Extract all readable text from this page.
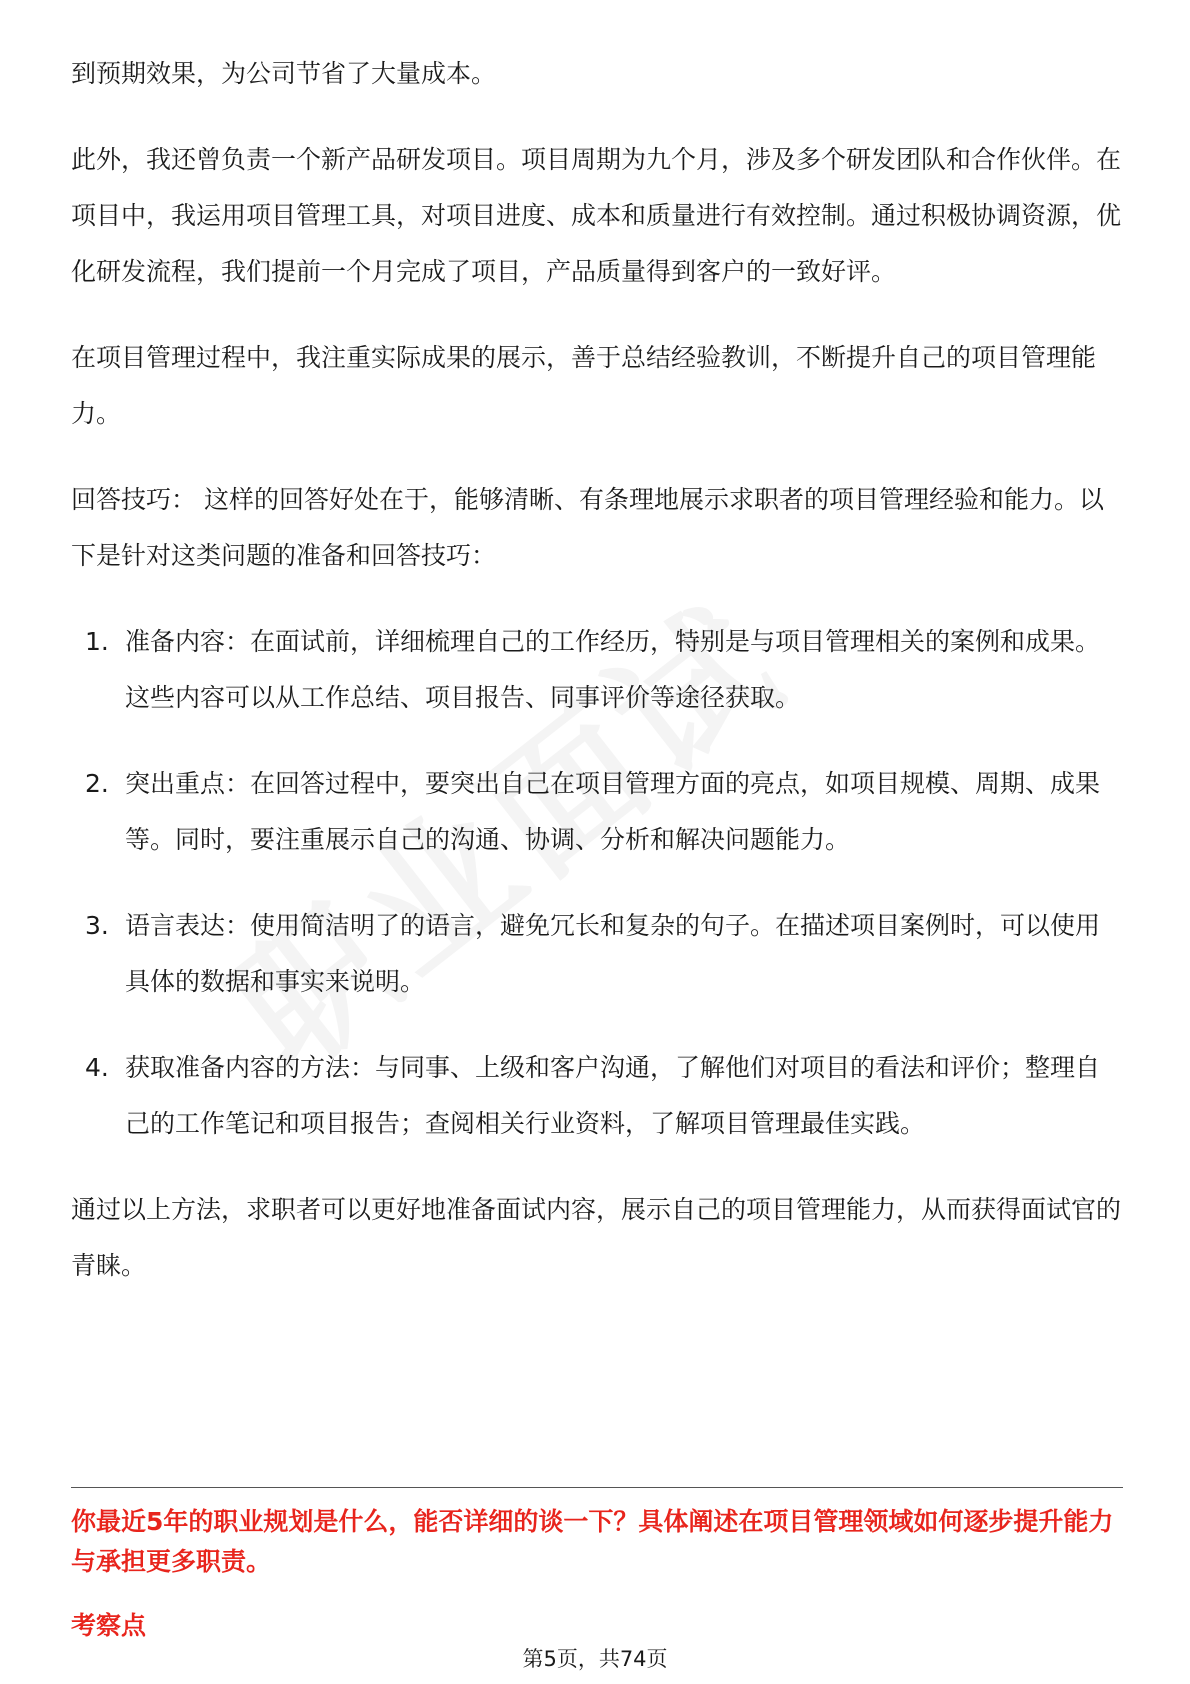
到预期效果，为公司节省了大量成本。

此外，我还曾负责一个新产品研发项目。项目周期为九个月，涉及多个研发团队和合作伙伴。在项目中，我运用项目管理工具，对项目进度、成本和质量进行有效控制。通过积极协调资源，优化研发流程，我们提前一个月完成了项目，产品质量得到客户的一致好评。

在项目管理过程中，我注重实际成果的展示，善于总结经验教训，不断提升自己的项目管理能力。

回答技巧： 这样的回答好处在于，能够清晰、有条理地展示求职者的项目管理经验和能力。以下是针对这类问题的准备和回答技巧：

1. 准备内容：在面试前，详细梳理自己的工作经历，特别是与项目管理相关的案例和成果。这些内容可以从工作总结、项目报告、同事评价等途径获取。
2. 突出重点：在回答过程中，要突出自己在项目管理方面的亮点，如项目规模、周期、成果等。同时，要注重展示自己的沟通、协调、分析和解决问题能力。
3. 语言表达：使用简洁明了的语言，避免冗长和复杂的句子。在描述项目案例时，可以使用具体的数据和事实来说明。
4. 获取准备内容的方法：与同事、上级和客户沟通，了解他们对项目的看法和评价；整理自己的工作笔记和项目报告；查阅相关行业资料，了解项目管理最佳实践。

通过以上方法，求职者可以更好地准备面试内容，展示自己的项目管理能力，从而获得面试官的青睐。

你最近5年的职业规划是什么，能否详细的谈一下？具体阐述在项目管理领域如何逐步提升能力与承担更多职责。

考察点

第5页，共74页
